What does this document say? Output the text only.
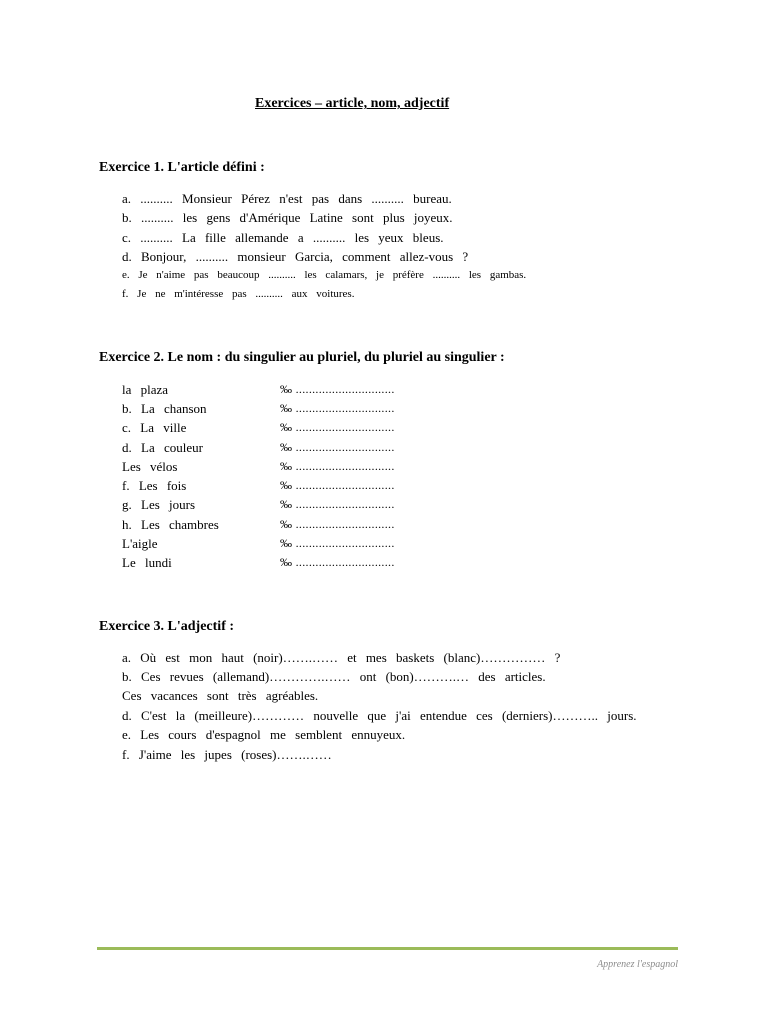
Exercices – article, nom, adjectif
Exercice 1. L'article défini :
a. .......... Monsieur Pérez n'est pas dans .......... bureau.
b. .......... les gens d'Amérique Latine sont plus joyeux.
c. .......... La fille allemande a .......... les yeux bleus.
d. Bonjour, .......... monsieur Garcia, comment allez-vous ?
e. Je n'aime pas beaucoup .......... les calamars, je préfère .......... les gambas.
f. Je ne m'intéresse pas .......... aux voitures.
Exercice 2. Le nom : du singulier au pluriel, du pluriel au singulier :
la plaza	‰ ..............................
b. La chanson	‰ ..............................
c. La ville	‰ ..............................
d. La couleur	‰ ..............................
Les vélos	‰ ..............................
f. Les fois	‰ ..............................
g. Les jours	‰ ..............................
h. Les chambres	‰ ..............................
L'aigle	‰ ..............................
Le lundi	‰ ..............................
Exercice 3. L'adjectif :
a. Où est mon haut (noir)…….…… et mes baskets (blanc)…………… ?
b. Ces revues (allemand)………….…… ont (bon)……….… des articles.
Ces vacances sont très agréables.
d. C'est la (meilleure)………… nouvelle que j'ai entendue ces (derniers)……….. jours.
e. Les cours d'espagnol me semblent ennuyeux.
f. J'aime les jupes (roses)…….……
Apprenez l'espagnol
